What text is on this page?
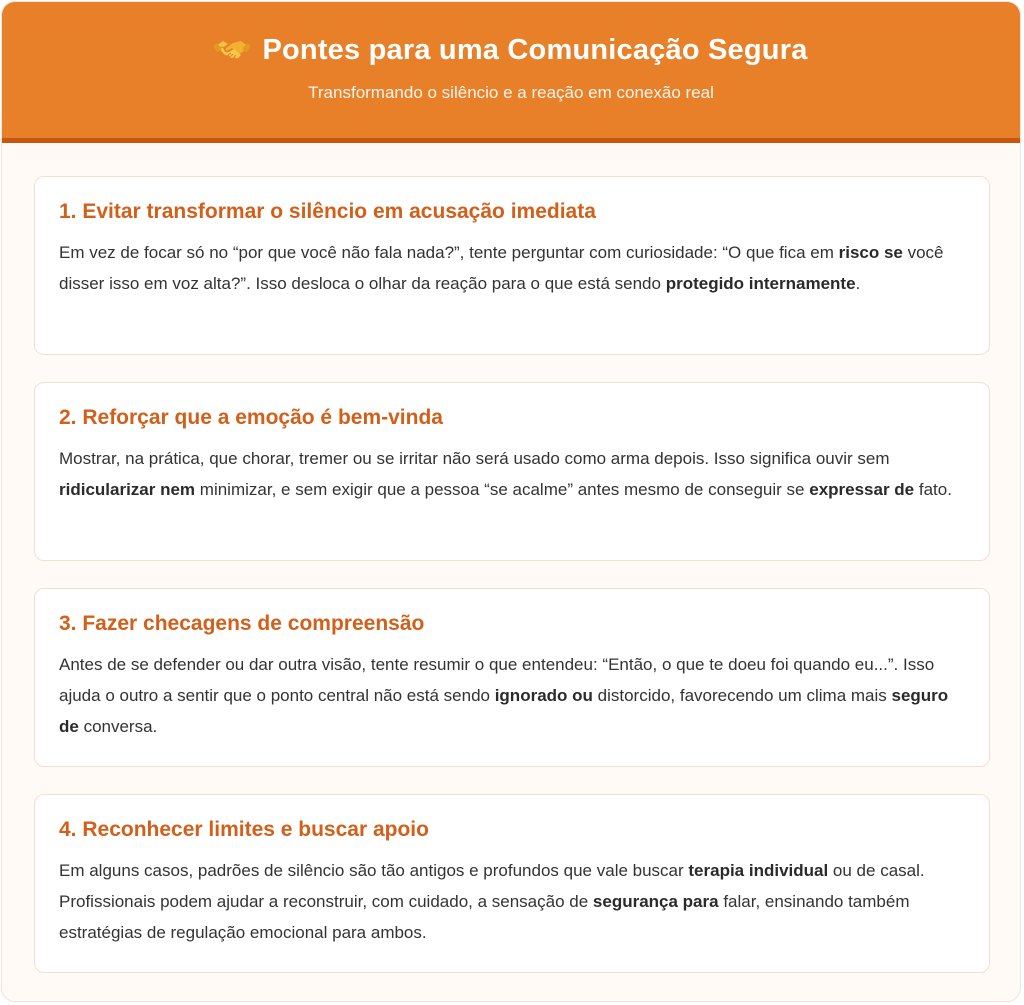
Pontes para uma Comunicação Segura
Transformando o silêncio e a reação em conexão real
1. Evitar transformar o silêncio em acusação imediata

Em vez de focar só no “por que você não fala nada?”, tente perguntar com curiosidade: “O que fica em risco se você disser isso em voz alta?”. Isso desloca o olhar da reação para o que está sendo protegido internamente.

2. Reforçar que a emoção é bem-vinda

Mostrar, na prática, que chorar, tremer ou se irritar não será usado como arma depois. Isso significa ouvir sem ridicularizar nem minimizar, e sem exigir que a pessoa “se acalme” antes mesmo de conseguir se expressar de fato.

3. Fazer checagens de compreensão

Antes de se defender ou dar outra visão, tente resumir o que entendeu: “Então, o que te doeu foi quando eu...”. Isso ajuda o outro a sentir que o ponto central não está sendo ignorado ou distorcido, favorecendo um clima mais seguro de conversa.

4. Reconhecer limites e buscar apoio

Em alguns casos, padrões de silêncio são tão antigos e profundos que vale buscar terapia individual ou de casal. Profissionais podem ajudar a reconstruir, com cuidado, a sensação de segurança para falar, ensinando também estratégias de regulação emocional para ambos.
